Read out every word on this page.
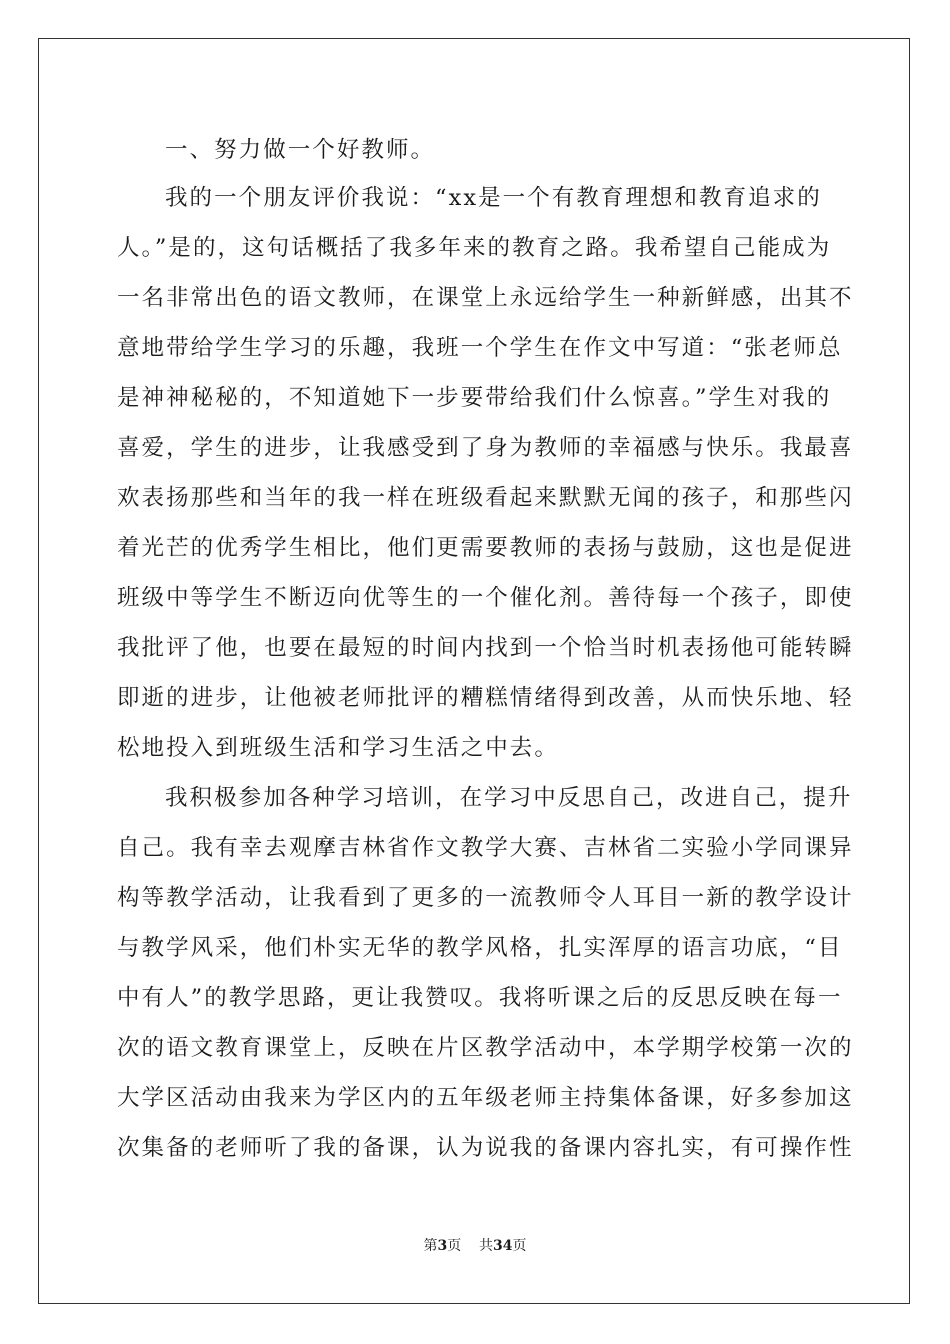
一、努力做一个好教师。
我的一个朋友评价我说：“xx是一个有教育理想和教育追求的
人。”是的，这句话概括了我多年来的教育之路。我希望自己能成为
一名非常出色的语文教师，在课堂上永远给学生一种新鲜感，出其不
意地带给学生学习的乐趣，我班一个学生在作文中写道：“张老师总
是神神秘秘的，不知道她下一步要带给我们什么惊喜。”学生对我的
喜爱，学生的进步，让我感受到了身为教师的幸福感与快乐。我最喜
欢表扬那些和当年的我一样在班级看起来默默无闻的孩子，和那些闪
着光芒的优秀学生相比，他们更需要教师的表扬与鼓励，这也是促进
班级中等学生不断迈向优等生的一个催化剂。善待每一个孩子，即使
我批评了他，也要在最短的时间内找到一个恰当时机表扬他可能转瞬
即逝的进步，让他被老师批评的糟糕情绪得到改善，从而快乐地、轻
松地投入到班级生活和学习生活之中去。
我积极参加各种学习培训，在学习中反思自己，改进自己，提升
自己。我有幸去观摩吉林省作文教学大赛、吉林省二实验小学同课异
构等教学活动，让我看到了更多的一流教师令人耳目一新的教学设计
与教学风采，他们朴实无华的教学风格，扎实浑厚的语言功底，“目
中有人”的教学思路，更让我赞叹。我将听课之后的反思反映在每一
次的语文教育课堂上，反映在片区教学活动中，本学期学校第一次的
大学区活动由我来为学区内的五年级老师主持集体备课，好多参加这
次集备的老师听了我的备课，认为说我的备课内容扎实，有可操作性
第3页 共34页
